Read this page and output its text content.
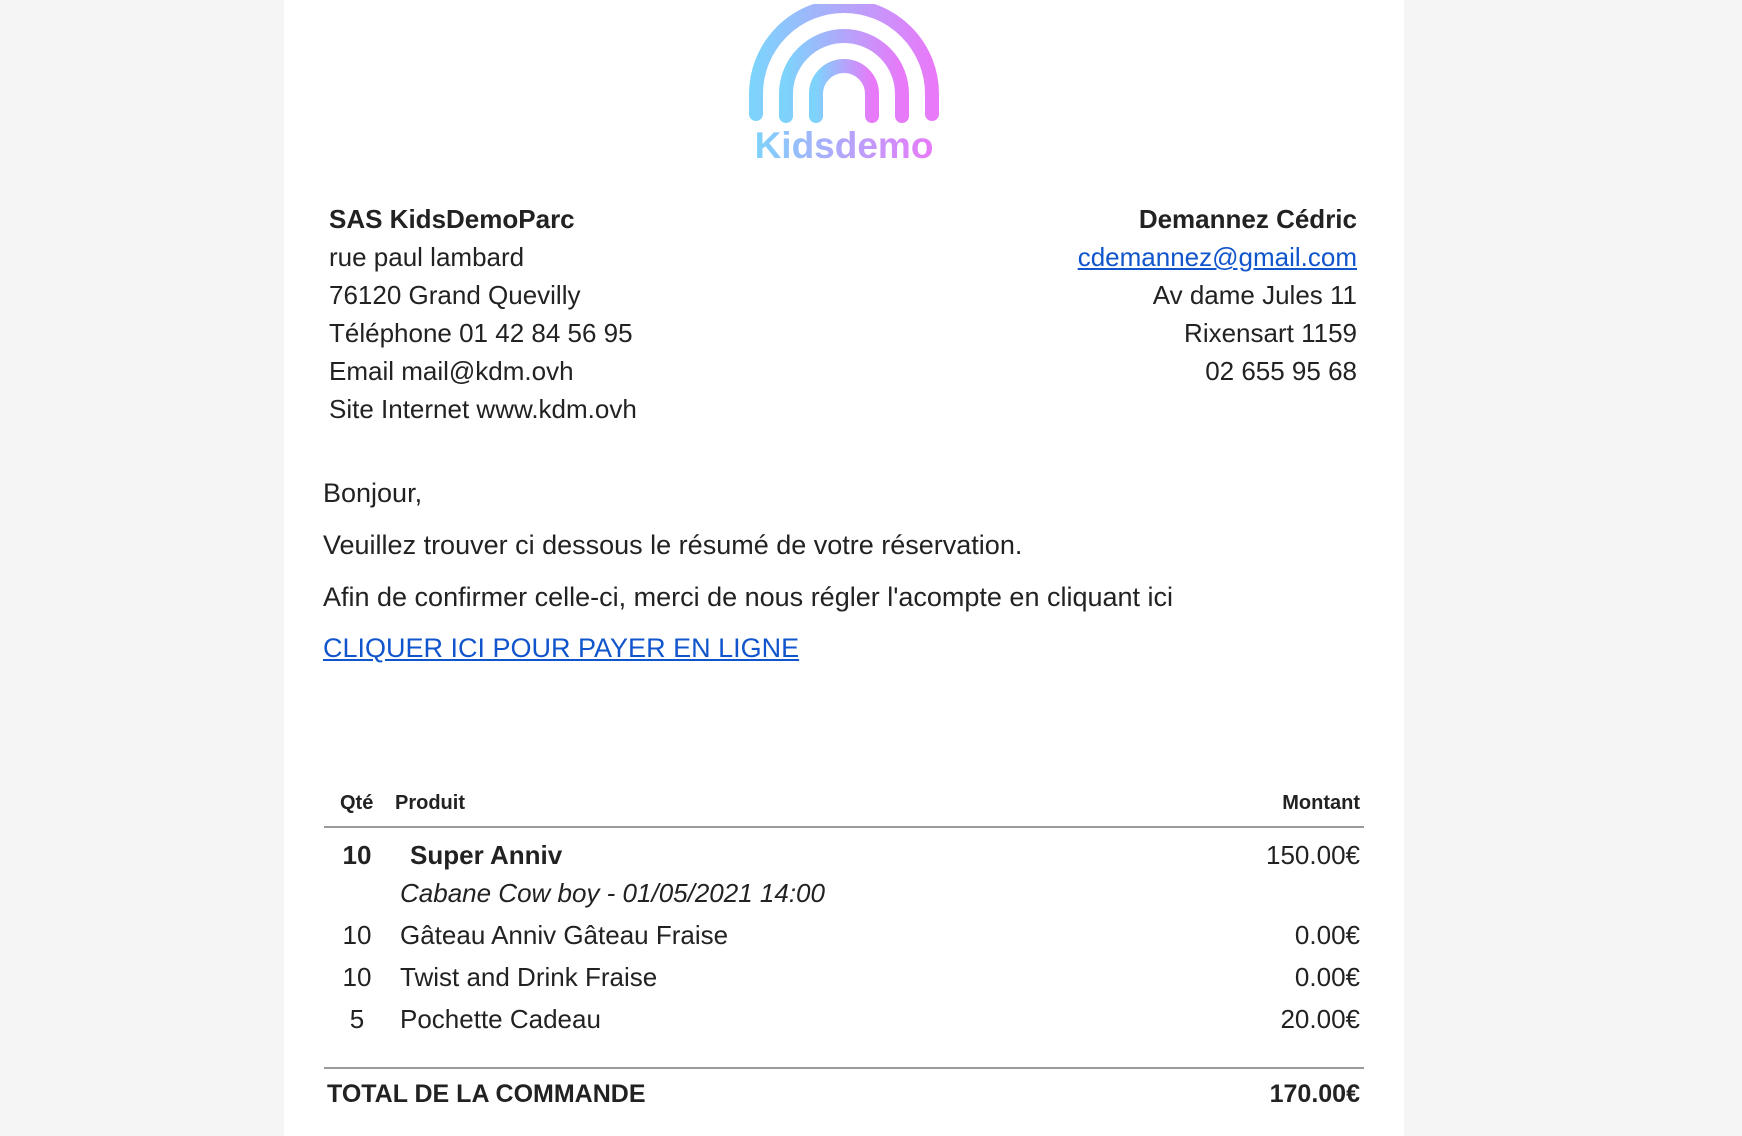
Kidsdemo
SAS KidsDemoParc
rue paul lambard
76120 Grand Quevilly
Téléphone 01 42 84 56 95
Email mail@kdm.ovh
Site Internet www.kdm.ovh
Demannez Cédric
cdemannez@gmail.com
Av dame Jules 11
Rixensart 1159
02 655 95 68
Bonjour,
Veuillez trouver ci dessous le résumé de votre réservation.
Afin de confirmer celle-ci, merci de nous régler l'acompte en cliquant ici
CLIQUER ICI POUR PAYER EN LIGNE
Qté Produit	Montant
10	Super Anniv	150.00€
Cabane Cow boy - 01/05/2021 14:00
10	Gâteau Anniv Gâteau Fraise	0.00€
10	Twist and Drink Fraise	0.00€
5	Pochette Cadeau	20.00€
TOTAL DE LA COMMANDE	170.00€
